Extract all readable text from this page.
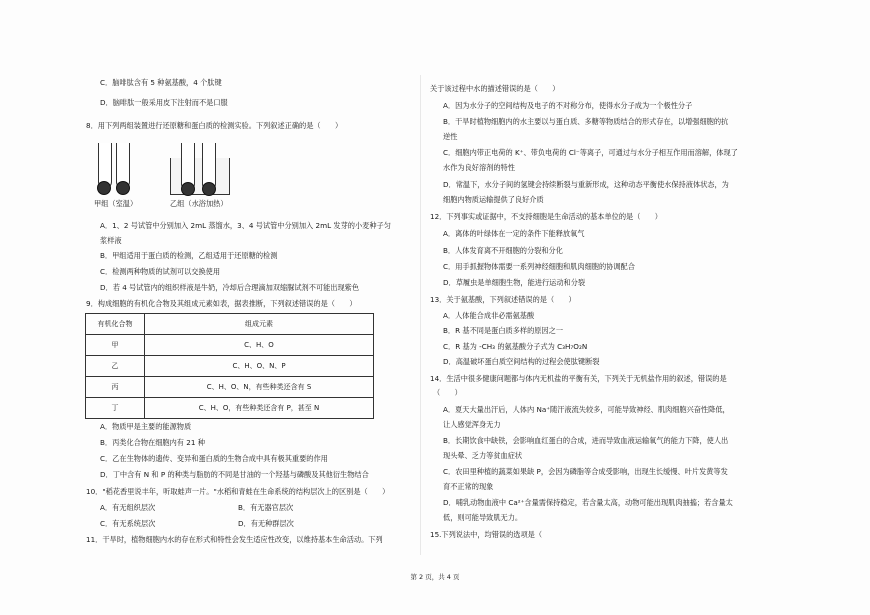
C．脑啡肽含有 5 种氨基酸，4 个肽键
D．脑啡肽一般采用皮下注射而不是口服
8．用下列两组装置进行还原糖和蛋白质的检测实验。下列叙述正确的是（　　）
甲组（室温）	乙组（水浴加热）
A．1、2 号试管中分别加入 2mL 蒸馏水，3、4 号试管中分别加入 2mL 发芽的小麦种子匀
浆样液
B．甲组适用于蛋白质的检测，乙组适用于还原糖的检测
C．检测两种物质的试剂可以交换使用
D．若 4 号试管内的组织样液是牛奶，冷却后合理滴加双缩脲试剂不可能出现紫色
9．构成细胞的有机化合物及其组成元素如表，据表推断，下列叙述错误的是（　　）
有机化合物	组成元素
甲	C、H、O
乙	C、H、O、N、P
丙	C、H、O、N，有些种类还含有 S
丁	C、H、O，有些种类还含有 P，甚至 N
A．物质甲是主要的能源物质
B．丙类化合物在细胞内有 21 种
C．乙在生物体的遗传、变异和蛋白质的生物合成中具有极其重要的作用
D．丁中含有 N 和 P 的种类与脂肪的不同是甘油的一个羟基与磷酸及其他衍生物结合
10．"稻花香里说丰年，听取蛙声一片。"水稻和青蛙在生命系统的结构层次上的区别是（　　）
A．有无组织层次	B．有无器官层次
C．有无系统层次	D．有无种群层次
11．干旱时，植物细胞内水的存在形式和特性会发生适应性改变，以维持基本生命活动。下列
关于该过程中水的描述错误的是（　　）
A．因为水分子的空间结构及电子的不对称分布，使得水分子成为一个极性分子
B．干旱时植物细胞内的水主要以与蛋白质、多糖等物质结合的形式存在，以增强细胞的抗
逆性
C．细胞内带正电荷的 K⁺、带负电荷的 Cl⁻等离子，可通过与水分子相互作用而溶解，体现了
水作为良好溶剂的特性
D．常温下，水分子间的氢键会持续断裂与重新形成，这种动态平衡使水保持液体状态，为
细胞内物质运输提供了良好介质
12．下列事实或证据中，不支持细胞是生命活动的基本单位的是（　　）
A．离体的叶绿体在一定的条件下能释放氧气
B．人体发育离不开细胞的分裂和分化
C．用手抓握物体需要一系列神经细胞和肌肉细胞的协调配合
D．草履虫是单细胞生物，能进行运动和分裂
13．关于氨基酸，下列叙述错误的是（　　）
A．人体能合成非必需氨基酸
B．R 基不同是蛋白质多样的原因之一
C．R 基为 -CH₃ 的氨基酸分子式为 C₃H₇O₂N
D．高温破坏蛋白质空间结构的过程会使肽键断裂
14．生活中很多健康问题都与体内无机盐的平衡有关，下列关于无机盐作用的叙述，错误的是
（　　）
A．夏天大量出汗后，人体内 Na⁺随汗液流失较多，可能导致神经、肌肉细胞兴奋性降低，
让人感觉浑身无力
B．长期饮食中缺铁，会影响血红蛋白的合成，进而导致血液运输氧气的能力下降，使人出
现头晕、乏力等贫血症状
C．农田里种植的蔬菜如果缺 P，会因为磷脂等合成受影响，出现生长缓慢、叶片发黄等发
育不正常的现象
D．哺乳动物血液中 Ca²⁺含量需保持稳定，若含量太高，动物可能出现肌肉抽搐；若含量太
低，则可能导致肌无力。
15.下列说法中，均错误的选项是（
第 2 页，共 4 页
